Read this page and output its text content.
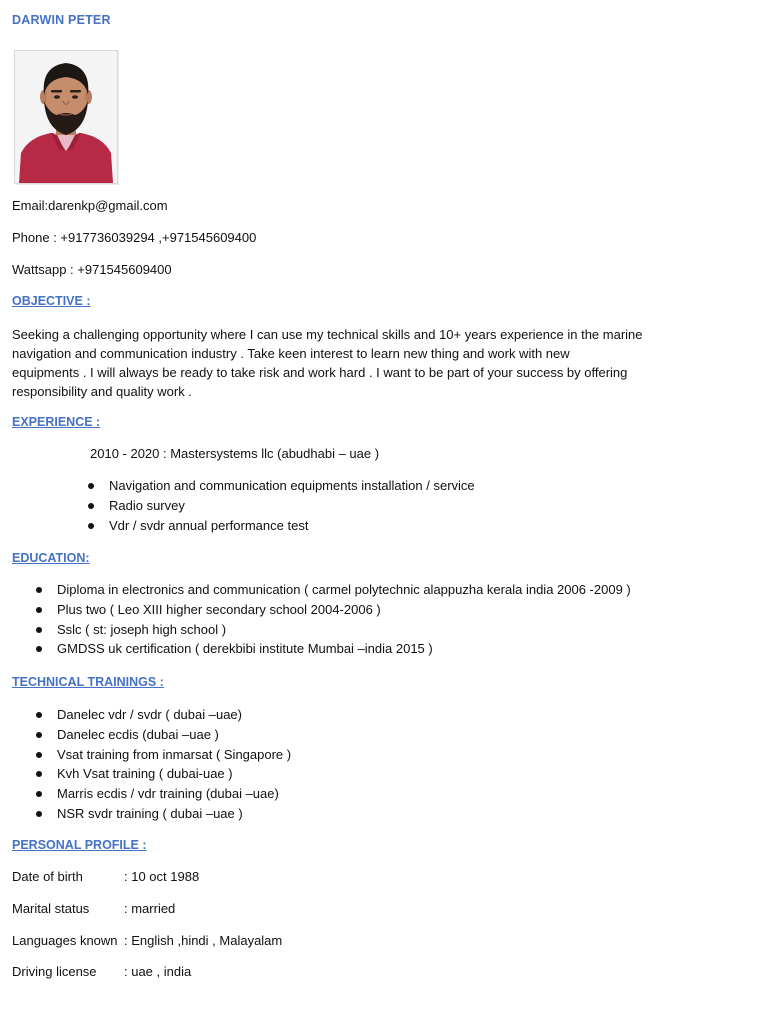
DARWIN PETER
Email:darenkp@gmail.com
Phone : +917736039294 ,+971545609400
Wattsapp : +971545609400
OBJECTIVE :
Seeking a challenging opportunity where I can use my technical skills and 10+ years experience in the marine
navigation and communication industry . Take keen interest to learn new thing and work with new
equipments . I will always be ready to take risk and work hard . I want to be part of your success by offering
responsibility and quality work .
EXPERIENCE :
2010 - 2020 : Mastersystems llc (abudhabi – uae )
Navigation and communication equipments installation / service
Radio survey
Vdr / svdr annual performance test
EDUCATION:
Diploma in electronics and communication ( carmel polytechnic alappuzha kerala india 2006 -2009 )
Plus two ( Leo XIII higher secondary school 2004-2006 )
Sslc ( st: joseph high school )
GMDSS uk certification ( derekbibi institute Mumbai –india 2015 )
TECHNICAL TRAININGS :
Danelec vdr / svdr ( dubai –uae)
Danelec ecdis (dubai –uae )
Vsat training from inmarsat ( Singapore )
Kvh Vsat training ( dubai-uae )
Marris ecdis / vdr training (dubai –uae)
NSR svdr training ( dubai –uae )
PERSONAL PROFILE :
Date of birth	: 10 oct 1988
Marital status	: married
Languages known : English ,hindi , Malayalam
Driving license : uae , india
